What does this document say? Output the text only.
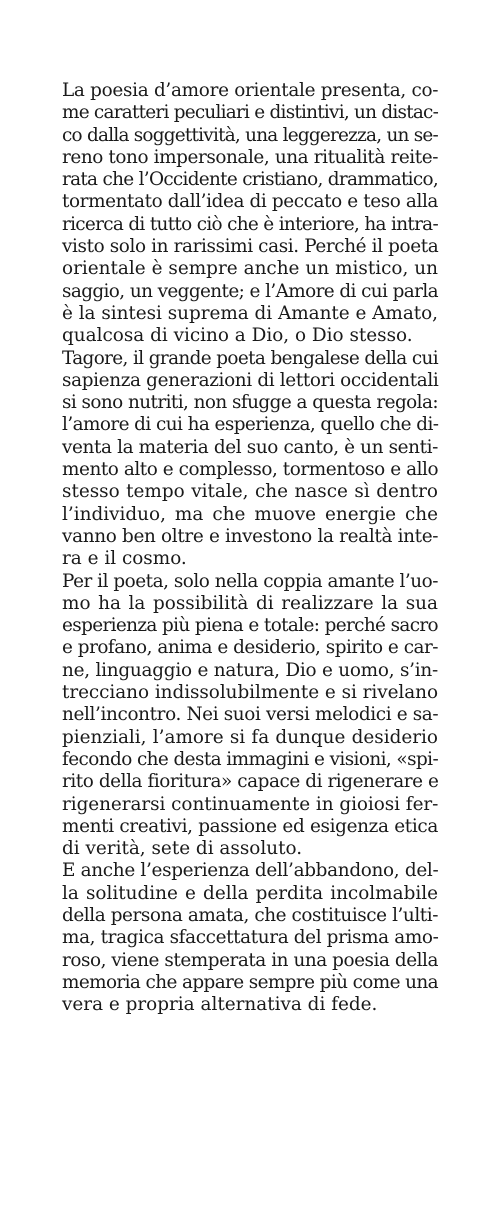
La poesia d’amore orientale presenta, co-
me caratteri peculiari e distintivi, un distac-
co dalla soggettività, una leggerezza, un se-
reno tono impersonale, una ritualità reite-
rata che l’Occidente cristiano, drammatico,
tormentato dall’idea di peccato e teso alla
ricerca di tutto ciò che è interiore, ha intra-
visto solo in rarissimi casi. Perché il poeta
orientale è sempre anche un mistico, un
saggio, un veggente; e l’Amore di cui parla
è la sintesi suprema di Amante e Amato,
qualcosa di vicino a Dio, o Dio stesso.
Tagore, il grande poeta bengalese della cui
sapienza generazioni di lettori occidentali
si sono nutriti, non sfugge a questa regola:
l’amore di cui ha esperienza, quello che di-
venta la materia del suo canto, è un senti-
mento alto e complesso, tormentoso e allo
stesso tempo vitale, che nasce sì dentro
l’individuo, ma che muove energie che
vanno ben oltre e investono la realtà inte-
ra e il cosmo.
Per il poeta, solo nella coppia amante l’uo-
mo ha la possibilità di realizzare la sua
esperienza più piena e totale: perché sacro
e profano, anima e desiderio, spirito e car-
ne, linguaggio e natura, Dio e uomo, s’in-
trecciano indissolubilmente e si rivelano
nell’incontro. Nei suoi versi melodici e sa-
pienziali, l’amore si fa dunque desiderio
fecondo che desta immagini e visioni, «spi-
rito della fioritura» capace di rigenerare e
rigenerarsi continuamente in gioiosi fer-
menti creativi, passione ed esigenza etica
di verità, sete di assoluto.
E anche l’esperienza dell’abbandono, del-
la solitudine e della perdita incolmabile
della persona amata, che costituisce l’ulti-
ma, tragica sfaccettatura del prisma amo-
roso, viene stemperata in una poesia della
memoria che appare sempre più come una
vera e propria alternativa di fede.
